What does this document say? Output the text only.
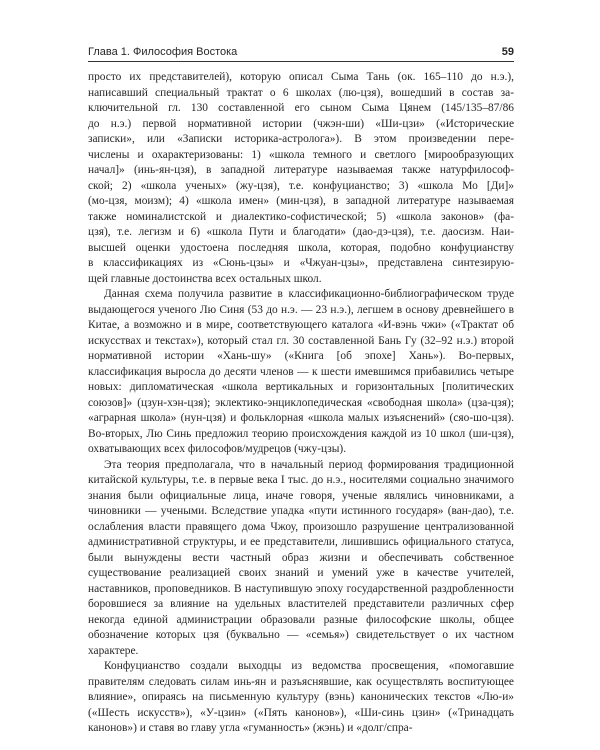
Глава 1. Философия Востока	59

просто их представителей), которую описал Сыма Тань (ок. 165–110 до н.э.),
написавший специальный трактат о 6 школах (лю-цзя), вошедший в состав за-
ключительной гл. 130 составленной его сыном Сыма Цянем (145/135–87/86
до н.э.) первой нормативной истории (чжэн-ши) «Ши-цзи» («Исторические
записки», или «Записки историка-астролога»). В этом произведении пере-
числены и охарактеризованы: 1) «школа темного и светлого [мирообразующих
начал]» (инь-ян-цзя), в западной литературе называемая также натурфилософ-
ской; 2) «школа ученых» (жу-цзя), т.е. конфуцианство; 3) «школа Мо [Ди]»
(мо-цзя, моизм); 4) «школа имен» (мин-цзя), в западной литературе называемая
также номиналистской и диалектико-софистической; 5) «школа законов» (фа-
цзя), т.е. легизм и 6) «школа Пути и благодати» (дао-дэ-цзя), т.е. даосизм. Наи-
высшей оценки удостоена последняя школа, которая, подобно конфуцианству
в классификациях из «Сюнь-цзы» и «Чжуан-цзы», представлена синтезирую-
щей главные достоинства всех остальных школ.

Данная схема получила развитие в классификационно-библиографическом труде выдающегося ученого Лю Синя (53 до н.э. — 23 н.э.), легшем в основу древнейшего в Китае, а возможно и в мире, соответствующего каталога «И-вэнь чжи» («Трактат об искусствах и текстах»), который стал гл. 30 составленной Бань Гу (32–92 н.э.) второй нормативной истории «Хань-шу» («Книга [об эпохе] Хань»). Во-первых, классификация выросла до десяти членов — к шести имевшимся прибавились четыре новых: дипломатическая «школа вертикальных и горизонтальных [политических союзов]» (цзун-хэн-цзя); эклектико-энциклопедическая «свободная школа» (цза-цзя); «аграрная школа» (нун-цзя) и фольклорная «школа малых изъяснений» (сяо-шо-цзя). Во-вторых, Лю Синь предложил теорию происхождения каждой из 10 школ (ши-цзя), охватывающих всех философов/мудрецов (чжу-цзы).

Эта теория предполагала, что в начальный период формирования традиционной китайской культуры, т.е. в первые века I тыс. до н.э., носителями социально значимого знания были официальные лица, иначе говоря, ученые являлись чиновниками, а чиновники — учеными. Вследствие упадка «пути истинного государя» (ван-дао), т.е. ослабления власти правящего дома Чжоу, произошло разрушение централизованной административной структуры, и ее представители, лишившись официального статуса, были вынуждены вести частный образ жизни и обеспечивать собственное существование реализацией своих знаний и умений уже в качестве учителей, наставников, проповедников. В наступившую эпоху государственной раздробленности боровшиеся за влияние на удельных властителей представители различных сфер некогда единой администрации образовали разные философские школы, общее обозначение которых цзя (буквально — «семья») свидетельствует о их частном характере.

Конфуцианство создали выходцы из ведомства просвещения, «помогавшие правителям следовать силам инь-ян и разъяснявшие, как осуществлять воспитующее влияние», опираясь на письменную культуру (вэнь) канонических текстов «Лю-и» («Шесть искусств»), «У-цзин» («Пять канонов»), «Ши-синь цзин» («Тринадцать канонов») и ставя во главу угла «гуманность» (жэнь) и «долг/спра-
